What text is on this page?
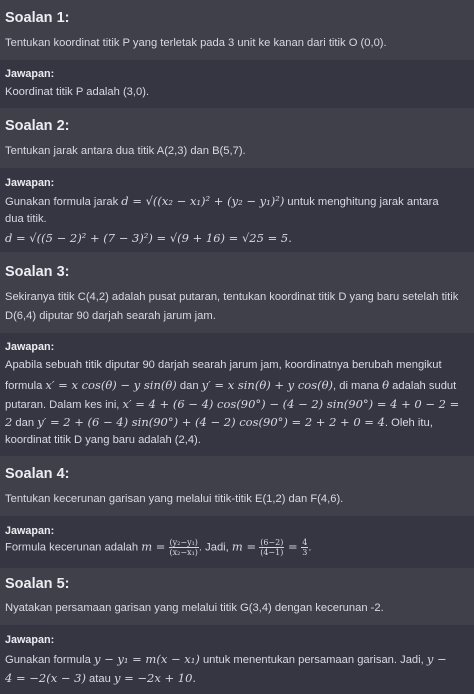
Soalan 1:
Tentukan koordinat titik P yang terletak pada 3 unit ke kanan dari titik O (0,0).
Jawapan:
Koordinat titik P adalah (3,0).
Soalan 2:
Tentukan jarak antara dua titik A(2,3) dan B(5,7).
Jawapan:
Gunakan formula jarak d = √((x₂ − x₁)² + (y₂ − y₁)²) untuk menghitung jarak antara
dua titik.
d = √((5 − 2)² + (7 − 3)²) = √(9 + 16) = √25 = 5.
Soalan 3:
Sekiranya titik C(4,2) adalah pusat putaran, tentukan koordinat titik D yang baru setelah titik
D(6,4) diputar 90 darjah searah jarum jam.
Jawapan:
Apabila sebuah titik diputar 90 darjah searah jarum jam, koordinatnya berubah mengikut
formula x′ = x cos(θ) − y sin(θ) dan y′ = x sin(θ) + y cos(θ), di mana θ adalah sudut
putaran. Dalam kes ini, x′ = 4 + (6 − 4) cos(90°) − (4 − 2) sin(90°) = 4 + 0 − 2 =
2 dan y′ = 2 + (6 − 4) sin(90°) + (4 − 2) cos(90°) = 2 + 2 + 0 = 4. Oleh itu,
koordinat titik D yang baru adalah (2,4).
Soalan 4:
Tentukan kecerunan garisan yang melalui titik-titik E(1,2) dan F(4,6).
Jawapan:
Formula kecerunan adalah $m = \frac{\text{(y₂−y₁)}}{\text{(x₂−x₁)}}$ . Jadi, $m = \frac{(6-2)}{(4-1)} = \frac{4}{3}$ .
Soalan 5:
Nyatakan persamaan garisan yang melalui titik G(3,4) dengan kecerunan -2.
Jawapan:
Gunakan formula y − y₁ = m(x − x₁) untuk menentukan persamaan garisan. Jadi, y −
4 = −2(x − 3) atau y = −2x + 10.
